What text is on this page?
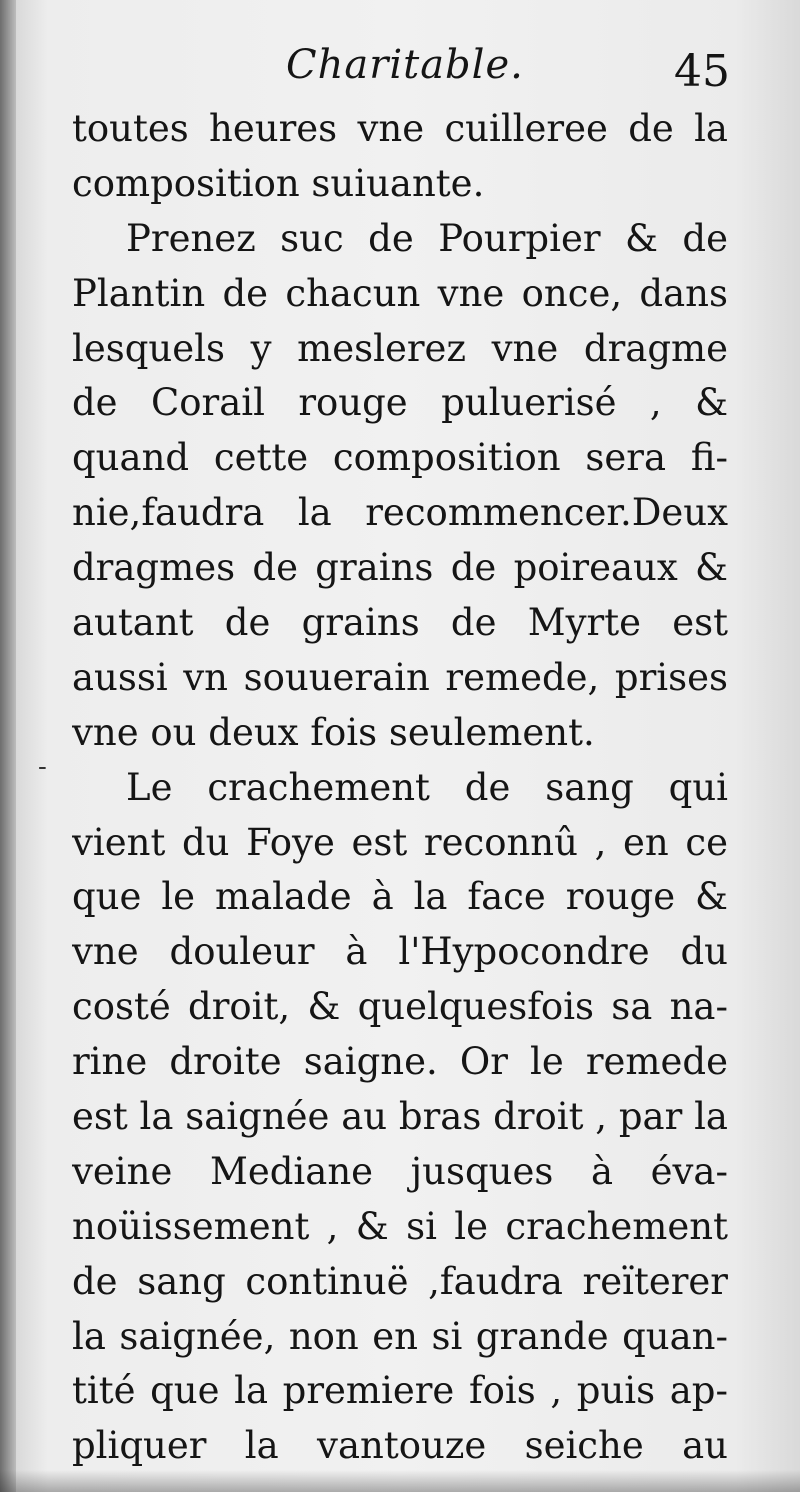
Charitable.	45
-
toutes heures vne cuilleree de la
composition suiuante.
Prenez suc de Pourpier & de
Plantin de chacun vne once, dans
lesquels y meslerez vne dragme
de Corail rouge puluerisé , &
quand cette composition sera fi-
nie,faudra la recommencer.Deux
dragmes de grains de poireaux &
autant de grains de Myrte est
aussi vn souuerain remede, prises
vne ou deux fois seulement.
Le crachement de sang qui
vient du Foye est reconnû , en ce
que le malade à la face rouge &
vne douleur à l'Hypocondre du
costé droit, & quelquesfois sa na-
rine droite saigne. Or le remede
est la saignée au bras droit , par la
veine Mediane jusques à éva-
noüissement , & si le crachement
de sang continuë ,faudra reïterer
la saignée, non en si grande quan-
tité que la premiere fois , puis ap-
pliquer la vantouze seiche au
